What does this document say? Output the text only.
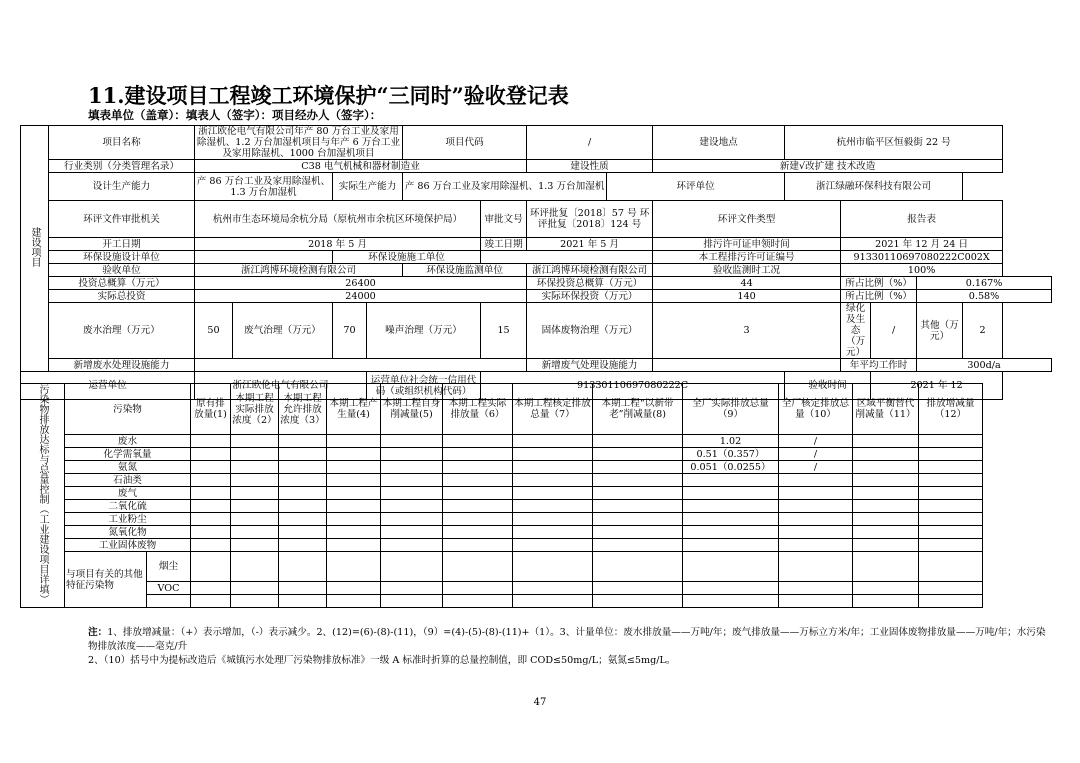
11.建设项目工程竣工环境保护“三同时”验收登记表
填表单位（盖章）：填表人（签字）：项目经办人（签字）：
建设项目	项目名称	浙江欧伦电气有限公司年产 80 万台工业及家用除湿机、1.2 万台加湿机项目与年产 6 万台工业及家用除湿机、1000 台加湿机项目				项目代码		/		建设地点	杭州市临平区恒毅街 22 号				
	行业类别（分类管理名录）	C38 电气机械和器材制造业						建设性质		新建√改扩建 技术改造					
	设计生产能力	产 86 万台工业及家用除湿机、1.3 万台加湿机		实际生产能力		产 86 万台工业及家用除湿机、1.3 万台加湿机			环评单位		浙江绿融环保科技有限公司				
	环评文件审批机关	杭州市生态环境局余杭分局（原杭州市余杭区环境保护局）					审批文号	环评批复〔2018〕57 号 环评批复〔2018〕124 号		环评文件类型		报告表			
	开工日期	2018 年 5 月					竣工日期	2021 年 5 月		排污许可证申领时间		2021 年 12 月 24 日			
	环保设施设计单位			环保设施施工单位						本工程排污许可证编号		91330110697080222C002X			
	验收单位	浙江鸿博环境检测有限公司				环保设施监测单位		浙江鸿博环境检测有限公司		验收监测时工况		100%			
	投资总概算（万元）	26400						环保投资总概算（万元）		44		所占比例（%）		0.167%	
	实际总投资	24000						实际环保投资（万元）		140		所占比例（%）		0.58%	
	废水治理（万元）	50	废气治理（万元）	70	噪声治理（万元）		15	固体废物治理（万元）		3		绿化及生态（万元）	/	其他（万元）	2
	新增废水处理设施能力							新增废气处理设施能力				年平均工作时		300d/a	
运营单位		浙江欧伦电气有限公司			运营单位社会统一信用代码（或组织机构代码）		91330110697080222C				验收时间		2021 年 12		
污染物排放达标与总量控制（工业建设项目详填）	污染物		原有排放量(1)	本期工程实际排放浓度（2）	本期工程允许排放浓度（3）	本期工程产生量(4)	本期工程自身削减量(5)	本期工程实际排放量（6）	本期工程核定排放总量（7）	本期工程“以新带老”削减量(8)	全厂实际排放总量（9）	全厂核定排放总量（10）	区域平衡替代削减量（11）	排放增减量（12）
	废水										1.02	/		
	化学需氧量										0.51（0.357）	/		
	氨氮										0.051（0.0255）	/		
	石油类													
	废气													
	二氧化硫													
	工业粉尘													
	氮氧化物													
	工业固体废物													
	与项目有关的其他特征污染物	烟尘												
		VOC												

注：1、排放增减量：（+）表示增加，（-）表示减少。2、(12)=(6)-(8)-(11)，（9）=(4)-(5)-(8)-(11)+（1）。3、计量单位：废水排放量——万吨/年；废气排放量——万标立方米/年；工业固体废物排放量——万吨/年；水污染物排放浓度——毫克/升
2、（10）括号中为提标改造后《城镇污水处理厂污染物排放标准》一级 A 标准时折算的总量控制值，即 COD≤50mg/L；氨氮≤5mg/L。
47
